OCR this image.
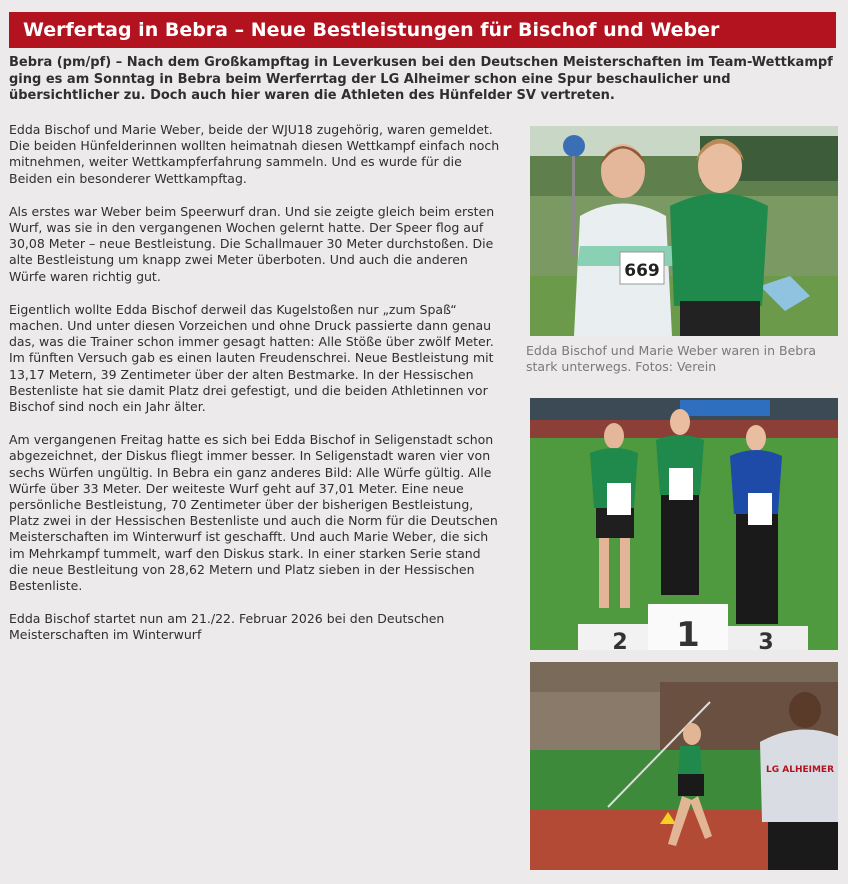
Werfertag in Bebra – Neue Bestleistungen für Bischof und Weber

Bebra (pm/pf) – Nach dem Großkampftag in Leverkusen bei den Deutschen Meisterschaften im Team-Wettkampf ging es am Sonntag in Bebra beim Werferrtag der LG Alheimer schon eine Spur beschaulicher und übersichtlicher zu. Doch auch hier waren die Athleten des Hünfelder SV vertreten.

Edda Bischof und Marie Weber, beide der WJU18 zugehörig, waren gemeldet. Die beiden Hünfelderinnen wollten heimatnah diesen Wettkampf einfach noch mitnehmen, weiter Wettkampferfahrung sammeln. Und es wurde für die Beiden ein besonderer Wettkampftag.

Als erstes war Weber beim Speerwurf dran. Und sie zeigte gleich beim ersten Wurf, was sie in den vergangenen Wochen gelernt hatte. Der Speer flog auf 30,08 Meter – neue Bestleistung. Die Schallmauer 30 Meter durchstoßen. Die alte Bestleistung um knapp zwei Meter überboten. Und auch die anderen Würfe waren richtig gut.

Eigentlich wollte Edda Bischof derweil das Kugelstoßen nur „zum Spaß“ machen. Und unter diesen Vorzeichen und ohne Druck passierte dann genau das, was die Trainer schon immer gesagt hatten: Alle Stöße über zwölf Meter. Im fünften Versuch gab es einen lauten Freudenschrei. Neue Bestleistung mit 13,17 Metern, 39 Zentimeter über der alten Bestmarke. In der Hessischen Bestenliste hat sie damit Platz drei gefestigt, und die beiden Athletinnen vor Bischof sind noch ein Jahr älter.

Am vergangenen Freitag hatte es sich bei Edda Bischof in Seligenstadt schon abgezeichnet, der Diskus fliegt immer besser. In Seligenstadt waren vier von sechs Würfen ungültig. In Bebra ein ganz anderes Bild: Alle Würfe gültig. Alle Würfe über 33 Meter. Der weiteste Wurf geht auf 37,01 Meter. Eine neue persönliche Bestleistung, 70 Zentimeter über der bisherigen Bestleistung, Platz zwei in der Hessischen Bestenliste und auch die Norm für die Deutschen Meisterschaften im Winterwurf ist geschafft. Und auch Marie Weber, die sich im Mehrkampf tummelt, warf den Diskus stark. In einer starken Serie stand die neue Bestleitung von 28,62 Metern und Platz sieben in der Hessischen Bestenliste.

Edda Bischof startet nun am 21./22. Februar 2026 bei den Deutschen Meisterschaften im Winterwurf

669

Edda Bischof und Marie Weber waren in Bebra stark unterwegs. Fotos: Verein

2 1	3
LG ALHEIMER
